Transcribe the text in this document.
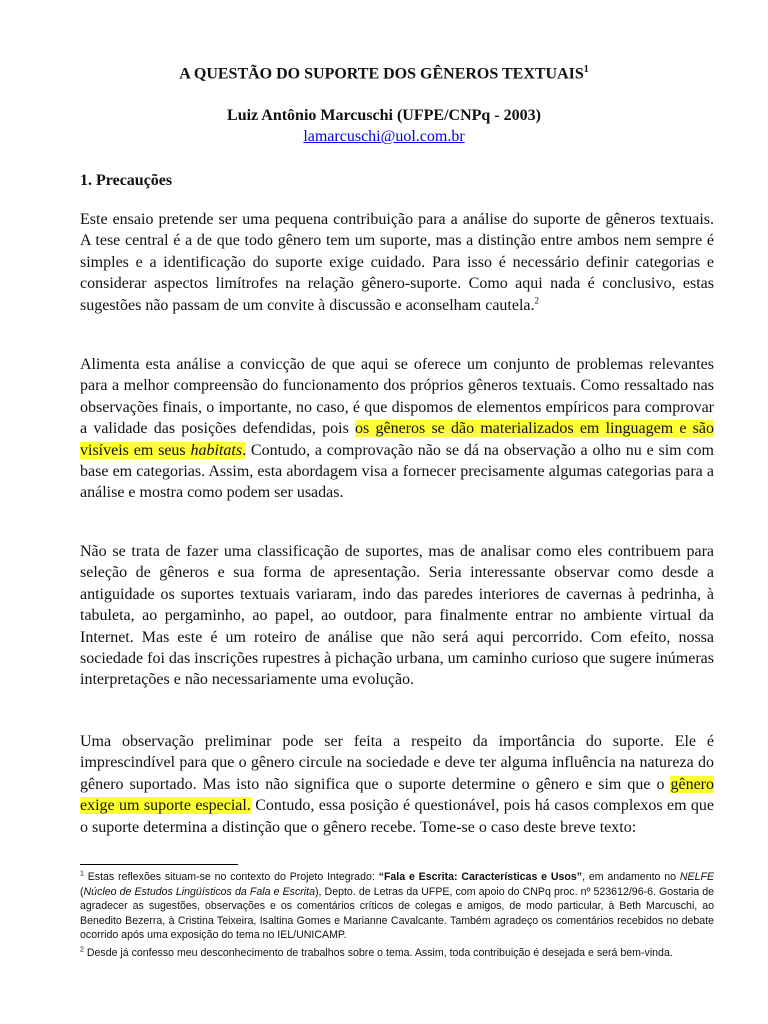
A QUESTÃO DO SUPORTE DOS GÊNEROS TEXTUAIS$^1$
Luiz Antônio Marcuschi (UFPE/CNPq - 2003)
lamarcuschi@uol.com.br
1. Precauções
Este ensaio pretende ser uma pequena contribuição para a análise do suporte de gêneros textuais. A tese central é a de que todo gênero tem um suporte, mas a distinção entre ambos nem sempre é simples e a identificação do suporte exige cuidado. Para isso é necessário definir categorias e considerar aspectos limítrofes na relação gênero-suporte. Como aqui nada é conclusivo, estas sugestões não passam de um convite à discussão e aconselham cautela.$^2$
Alimenta esta análise a convicção de que aqui se oferece um conjunto de problemas relevantes para a melhor compreensão do funcionamento dos próprios gêneros textuais. Como ressaltado nas observações finais, o importante, no caso, é que dispomos de elementos empíricos para comprovar a validade das posições defendidas, pois os gêneros se dão materializados em linguagem e são visíveis em seus habitats. Contudo, a comprovação não se dá na observação a olho nu e sim com base em categorias. Assim, esta abordagem visa a fornecer precisamente algumas categorias para a análise e mostra como podem ser usadas.
Não se trata de fazer uma classificação de suportes, mas de analisar como eles contribuem para seleção de gêneros e sua forma de apresentação. Seria interessante observar como desde a antiguidade os suportes textuais variaram, indo das paredes interiores de cavernas à pedrinha, à tabuleta, ao pergaminho, ao papel, ao outdoor, para finalmente entrar no ambiente virtual da Internet. Mas este é um roteiro de análise que não será aqui percorrido. Com efeito, nossa sociedade foi das inscrições rupestres à pichação urbana, um caminho curioso que sugere inúmeras interpretações e não necessariamente uma evolução.
Uma observação preliminar pode ser feita a respeito da importância do suporte. Ele é imprescindível para que o gênero circule na sociedade e deve ter alguma influência na natureza do gênero suportado. Mas isto não significa que o suporte determine o gênero e sim que o gênero exige um suporte especial. Contudo, essa posição é questionável, pois há casos complexos em que o suporte determina a distinção que o gênero recebe. Tome-se o caso deste breve texto:
$^1$ Estas reflexões situam-se no contexto do Projeto Integrado: “Fala e Escrita: Características e Usos”, em andamento no NELFE (Núcleo de Estudos Lingüísticos da Fala e Escrita), Depto. de Letras da UFPE, com apoio do CNPq proc. nº 523612/96-6. Gostaria de agradecer as sugestões, observações e os comentários críticos de colegas e amigos, de modo particular, à Beth Marcuschi, ao Benedito Bezerra, à Cristina Teixeira, Isaltina Gomes e Marianne Cavalcante. Também agradeço os comentários recebidos no debate ocorrido após uma exposição do tema no IEL/UNICAMP.
$^2$ Desde já confesso meu desconhecimento de trabalhos sobre o tema. Assim, toda contribuição é desejada e será bem-vinda.
